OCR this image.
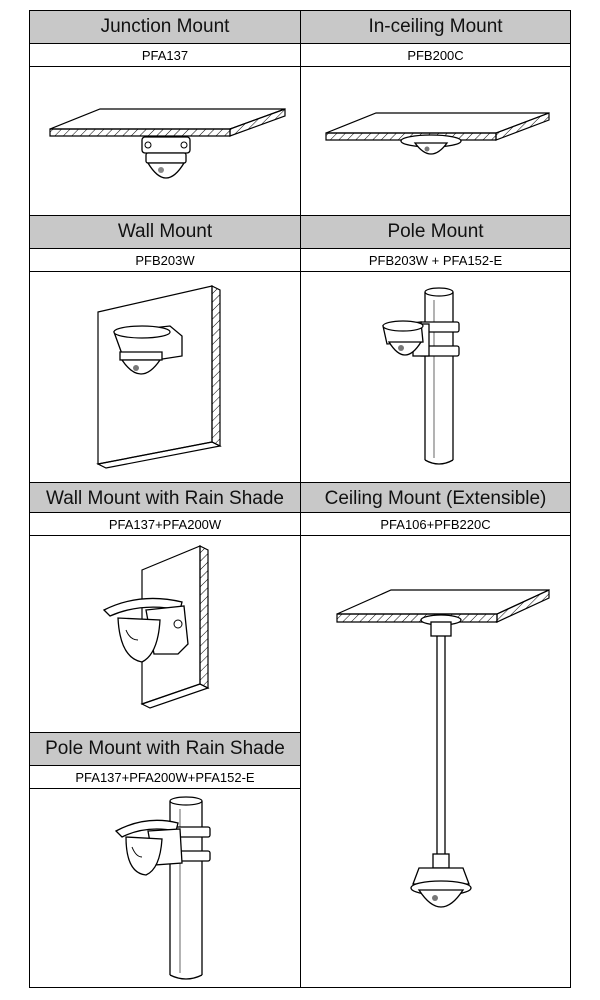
Junction Mount	In-ceiling Mount
PFA137	PFB200C
Wall Mount	Pole Mount
PFB203W	PFB203W + PFA152-E
Wall Mount with Rain Shade	Ceiling Mount (Extensible)
PFA137+PFA200W	PFA106+PFB220C
Pole Mount with Rain Shade
PFA137+PFA200W+PFA152-E
